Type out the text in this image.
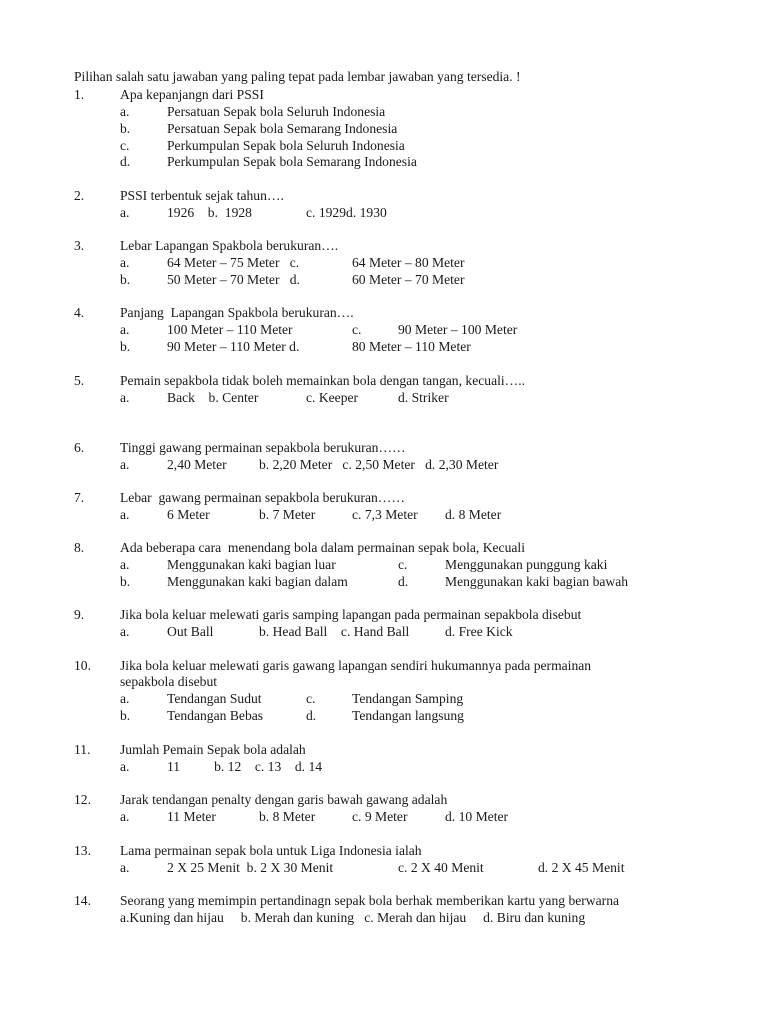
Pilihan salah satu jawaban yang paling tepat pada lembar jawaban yang tersedia. !

1.	Apa kepanjangn dari PSSI

a.	Persatuan Sepak bola Seluruh Indonesia

b.	Persatuan Sepak bola Semarang Indonesia

c.	Perkumpulan Sepak bola Seluruh Indonesia

d.	Perkumpulan Sepak bola Semarang Indonesia

2.	PSSI terbentuk sejak tahun….

a.	1926    b.  1928	c. 1929d. 1930

3.	Lebar Lapangan Spakbola berukuran….

a.	64 Meter – 75 Meter   c.	64 Meter – 80 Meter

b.	50 Meter – 70 Meter   d.	60 Meter – 70 Meter

4.	Panjang  Lapangan Spakbola berukuran….

a.	100 Meter – 110 Meter	c.	90 Meter – 100 Meter

b.	90 Meter – 110 Meter d.	80 Meter – 110 Meter

5.	Pemain sepakbola tidak boleh memainkan bola dengan tangan, kecuali…..

a.	Back    b. Center	c. Keeper	d. Striker

6.	Tinggi gawang permainan sepakbola berukuran……

a.	2,40 Meter b. 2,20 Meter   c. 2,50 Meter   d. 2,30 Meter

7.	Lebar  gawang permainan sepakbola berukuran……

a.	6 Meter	b. 7 Meter	c. 7,3 Meter d. 8 Meter

8.	Ada beberapa cara  menendang bola dalam permainan sepak bola, Kecuali

a.	Menggunakan kaki bagian luar	c.	Menggunakan punggung kaki

b.	Menggunakan kaki bagian dalam	d.	Menggunakan kaki bagian bawah

9.	Jika bola keluar melewati garis samping lapangan pada permainan sepakbola disebut

a.	Out Ball	b. Head Ball    c. Hand Ball	d. Free Kick

10. Jika bola keluar melewati garis gawang lapangan sendiri hukumannya pada permainan

sepakbola disebut

a.	Tendangan Sudut	c.	Tendangan Samping

b.	Tendangan Bebas	d.	Tendangan langsung

11. Jumlah Pemain Sepak bola adalah

a.	11          b. 12    c. 13    d. 14

12. Jarak tendangan penalty dengan garis bawah gawang adalah

a.	11 Meter	b. 8 Meter	c. 9 Meter	d. 10 Meter

13. Lama permainan sepak bola untuk Liga Indonesia ialah

a.	2 X 25 Menit  b. 2 X 30 Menit	c. 2 X 40 Menit	d. 2 X 45 Menit

14. Seorang yang memimpin pertandinagn sepak bola berhak memberikan kartu yang berwarna

a.Kuning dan hijau     b. Merah dan kuning   c. Merah dan hijau     d. Biru dan kuning
